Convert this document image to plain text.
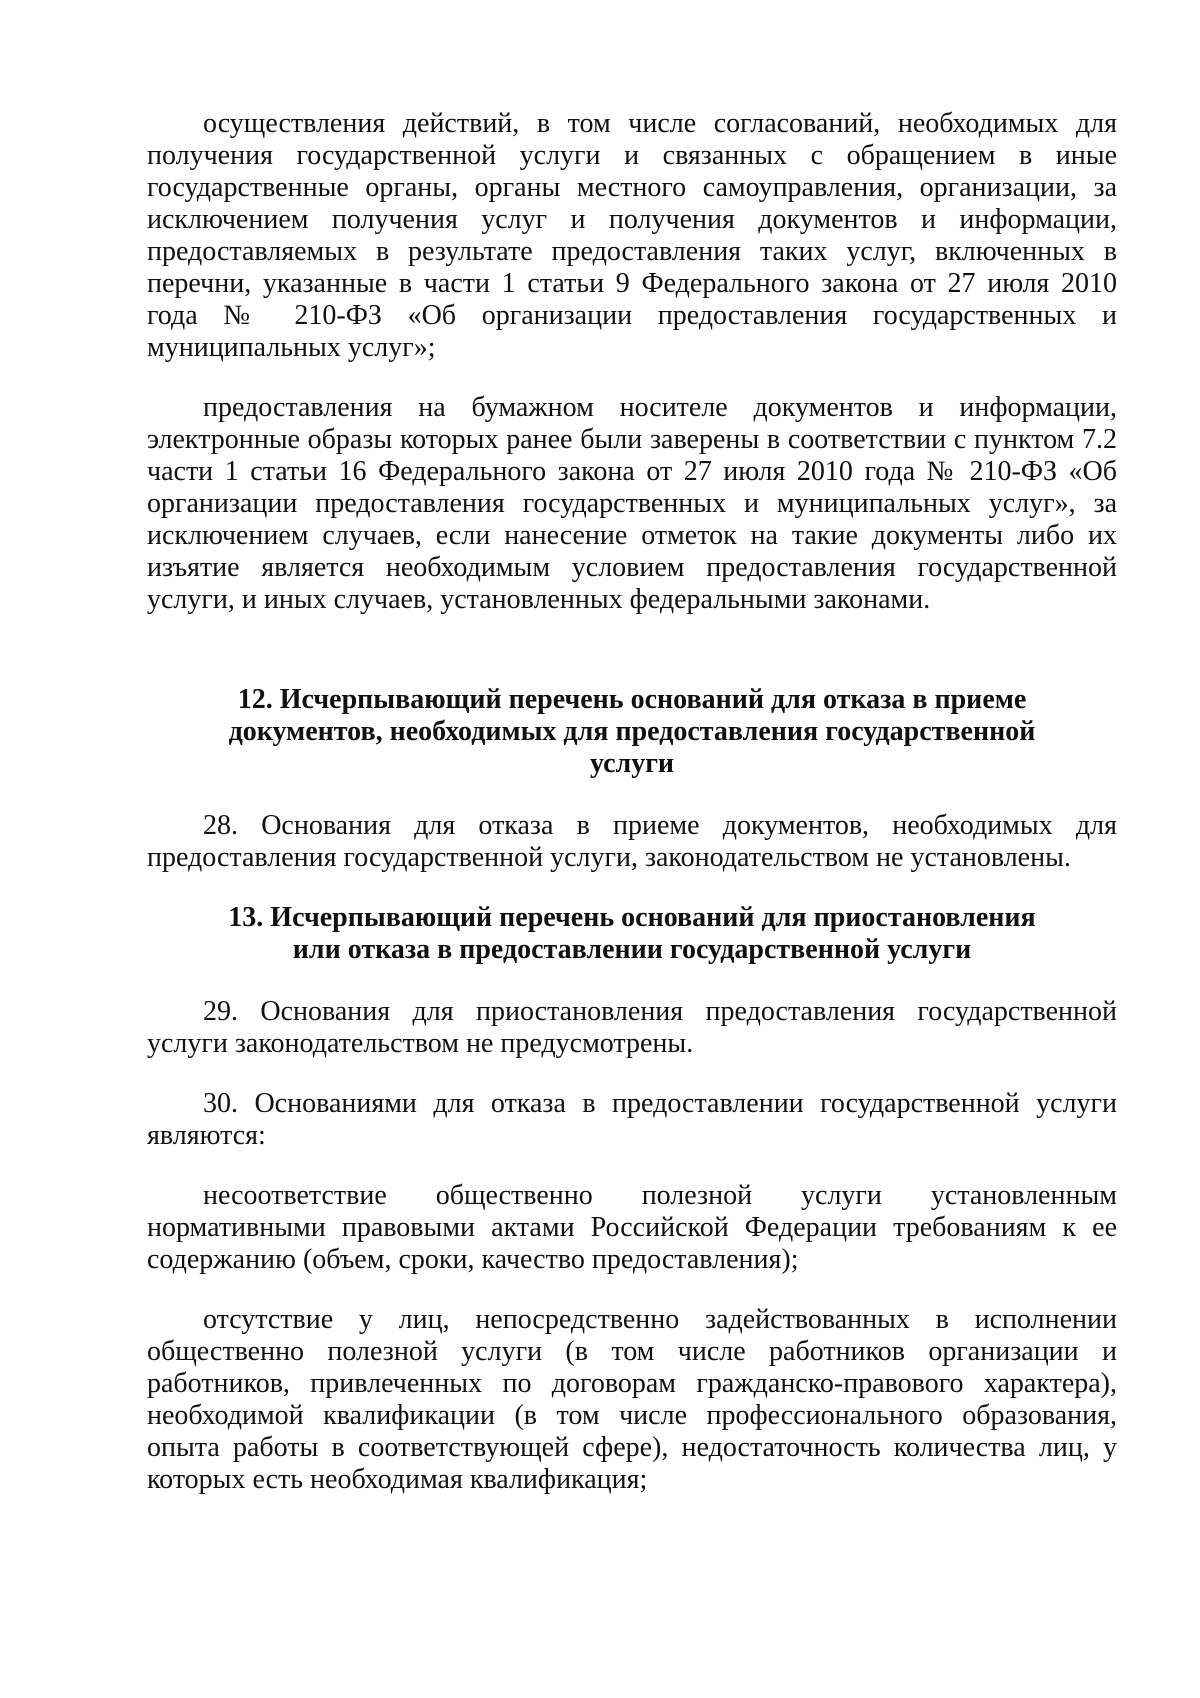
осуществления действий, в том числе согласований, необходимых для получения государственной услуги и связанных с обращением в иные государственные органы, органы местного самоуправления, организации, за исключением получения услуг и получения документов и информации, предоставляемых в результате предоставления таких услуг, включенных в перечни, указанные в части 1 статьи 9 Федерального закона от 27 июля 2010 года № 210-ФЗ «Об организации предоставления государственных и муниципальных услуг»;

предоставления на бумажном носителе документов и информации, электронные образы которых ранее были заверены в соответствии с пунктом 7.2 части 1 статьи 16 Федерального закона от 27 июля 2010 года № 210-ФЗ «Об организации предоставления государственных и муниципальных услуг», за исключением случаев, если нанесение отметок на такие документы либо их изъятие является необходимым условием предоставления государственной услуги, и иных случаев, установленных федеральными законами.

12. Исчерпывающий перечень оснований для отказа в приеме
документов, необходимых для предоставления государственной
услуги

28. Основания для отказа в приеме документов, необходимых для предоставления государственной услуги, законодательством не установлены.

13. Исчерпывающий перечень оснований для приостановления
или отказа в предоставлении государственной услуги

29. Основания для приостановления предоставления государственной услуги законодательством не предусмотрены.

30. Основаниями для отказа в предоставлении государственной услуги являются:

несоответствие общественно полезной услуги установленным нормативными правовыми актами Российской Федерации требованиям к ее содержанию (объем, сроки, качество предоставления);

отсутствие у лиц, непосредственно задействованных в исполнении общественно полезной услуги (в том числе работников организации и работников, привлеченных по договорам гражданско-правового характера), необходимой квалификации (в том числе профессионального образования, опыта работы в соответствующей сфере), недостаточность количества лиц, у которых есть необходимая квалификация;
